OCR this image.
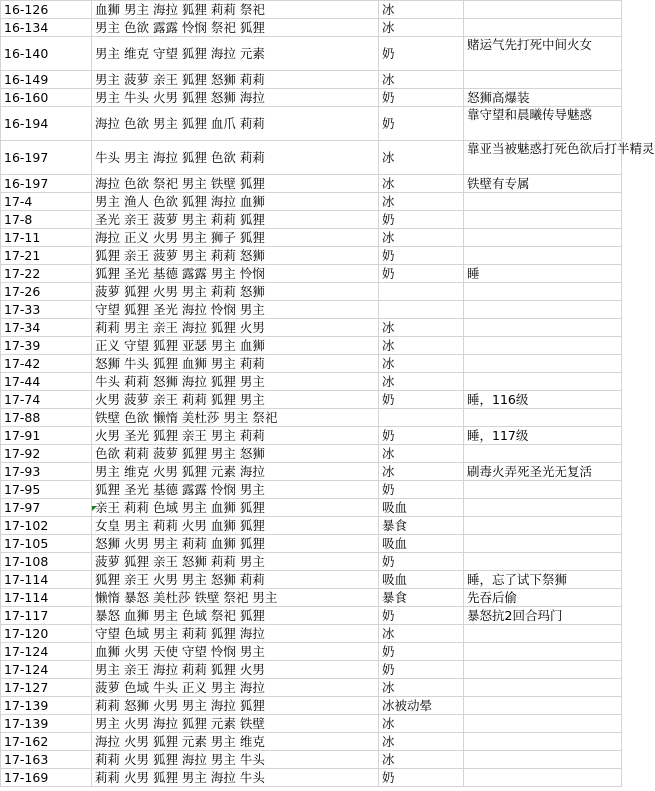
16-126	血狮 男主 海拉 狐狸 莉莉 祭祀	冰	
16-134	男主 色欲 露露 怜悯 祭祀 狐狸	冰	
16-140	男主 维克 守望 狐狸 海拉 元素	奶	赌运气先打死中间火女
16-149	男主 菠萝 亲王 狐狸 怒狮 莉莉	冰	
16-160	男主 牛头 火男 狐狸 怒狮 海拉	奶	怒狮高爆装
16-194	海拉 色欲 男主 狐狸 血爪 莉莉	奶	靠守望和晨曦传导魅惑
16-197	牛头 男主 海拉 狐狸 色欲 莉莉	冰	靠亚当被魅惑打死色欲后打半精灵
16-197	海拉 色欲 祭祀 男主 铁壁 狐狸	冰	铁壁有专属
17-4	男主 渔人 色欲 狐狸 海拉 血狮	冰	
17-8	圣光 亲王 菠萝 男主 莉莉 狐狸	奶	
17-11	海拉 正义 火男 男主 狮子 狐狸	冰	
17-21	狐狸 亲王 菠萝 男主 莉莉 怒狮	奶	
17-22	狐狸 圣光 基德 露露 男主 怜悯	奶	睡
17-26	菠萝 狐狸 火男 男主 莉莉 怒狮		
17-33	守望 狐狸 圣光 海拉 怜悯 男主		
17-34	莉莉 男主 亲王 海拉 狐狸 火男	冰	
17-39	正义 守望 狐狸 亚瑟 男主 血狮	冰	
17-42	怒狮 牛头 狐狸 血狮 男主 莉莉	冰	
17-44	牛头 莉莉 怒狮 海拉 狐狸 男主	冰	
17-74	火男 菠萝 亲王 莉莉 狐狸 男主	奶	睡，116级
17-88	铁壁 色欲 懒惰 美杜莎 男主 祭祀		
17-91	火男 圣光 狐狸 亲王 男主 莉莉	奶	睡，117级
17-92	色欲 莉莉 菠萝 狐狸 男主 怒狮	冰	
17-93	男主 维克 火男 狐狸 元素 海拉	冰	刷毒火弄死圣光无复活
17-95	狐狸 圣光 基德 露露 怜悯 男主	奶	
17-97	亲王 莉莉 色域 男主 血狮 狐狸	吸血	
17-102	女皇 男主 莉莉 火男 血狮 狐狸	暴食	
17-105	怒狮 火男 男主 莉莉 血狮 狐狸	吸血	
17-108	菠萝 狐狸 亲王 怒狮 莉莉 男主	奶	
17-114	狐狸 亲王 火男 男主 怒狮 莉莉	吸血	睡，忘了试下祭狮
17-114	懒惰 暴怒 美杜莎 铁壁 祭祀 男主	暴食	先吞后偷
17-117	暴怒 血狮 男主 色域 祭祀 狐狸	奶	暴怒抗2回合玛门
17-120	守望 色域 男主 莉莉 狐狸 海拉	冰	
17-124	血狮 火男 天使 守望 怜悯 男主	奶	
17-124	男主 亲王 海拉 莉莉 狐狸 火男	奶	
17-127	菠萝 色域 牛头 正义 男主 海拉	冰	
17-139	莉莉 怒狮 火男 男主 海拉 狐狸	冰被动晕	
17-139	男主 火男 海拉 狐狸 元素 铁壁	冰	
17-162	海拉 火男 狐狸 元素 男主 维克	冰	
17-163	莉莉 火男 狐狸 海拉 男主 牛头	冰	
17-169	莉莉 火男 狐狸 男主 海拉 牛头	奶	
